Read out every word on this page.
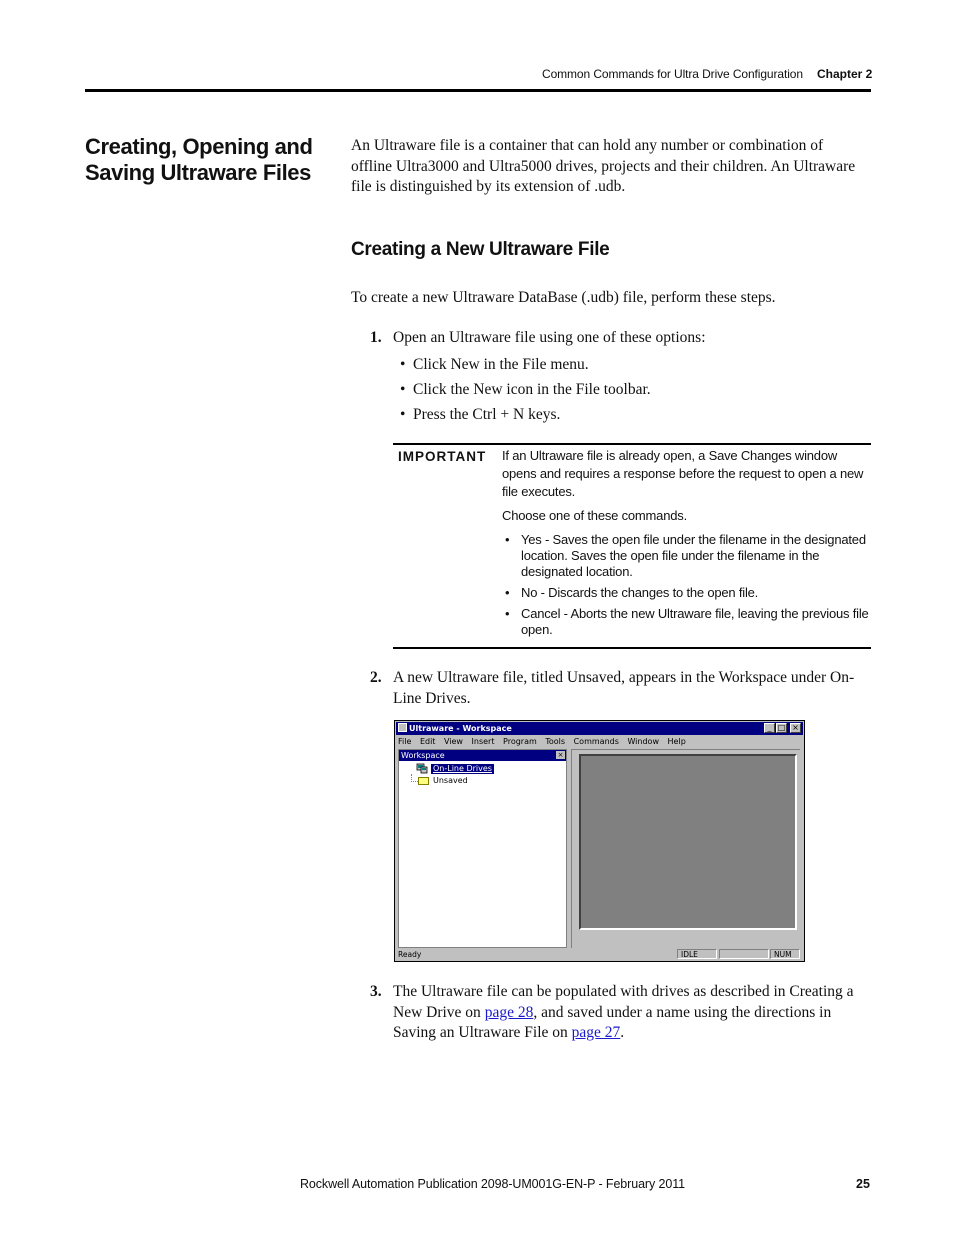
Common Commands for Ultra Drive Configuration Chapter 2
Creating, Opening and Saving Ultraware Files
An Ultraware file is a container that can hold any number or combination of offline Ultra3000 and Ultra5000 drives, projects and their children. An Ultraware file is distinguished by its extension of .udb.
Creating a New Ultraware File
To create a new Ultraware DataBase (.udb) file, perform these steps.
1. Open an Ultraware file using one of these options:
• Click New in the File menu.
• Click the New icon in the File toolbar.
• Press the Ctrl + N keys.
IMPORTANT If an Ultraware file is already open, a Save Changes window opens and requires a response before the request to open a new file executes.
Choose one of these commands.
• Yes - Saves the open file under the filename in the designated location. Saves the open file under the filename in the designated location.
• No - Discards the changes to the open file.
• Cancel - Aborts the new Ultraware file, leaving the previous file open.
2. A new Ultraware file, titled Unsaved, appears in the Workspace under On-Line Drives.
Ultraware - Workspace	_ □ ×
File Edit View Insert Program Tools Commands Window Help
Workspace	×
On-Line Drives
Unsaved
Ready	IDLE	NUM
3. The Ultraware file can be populated with drives as described in Creating a New Drive on page 28, and saved under a name using the directions in Saving an Ultraware File on page 27.
Rockwell Automation Publication 2098-UM001G-EN-P - February 2011	25
